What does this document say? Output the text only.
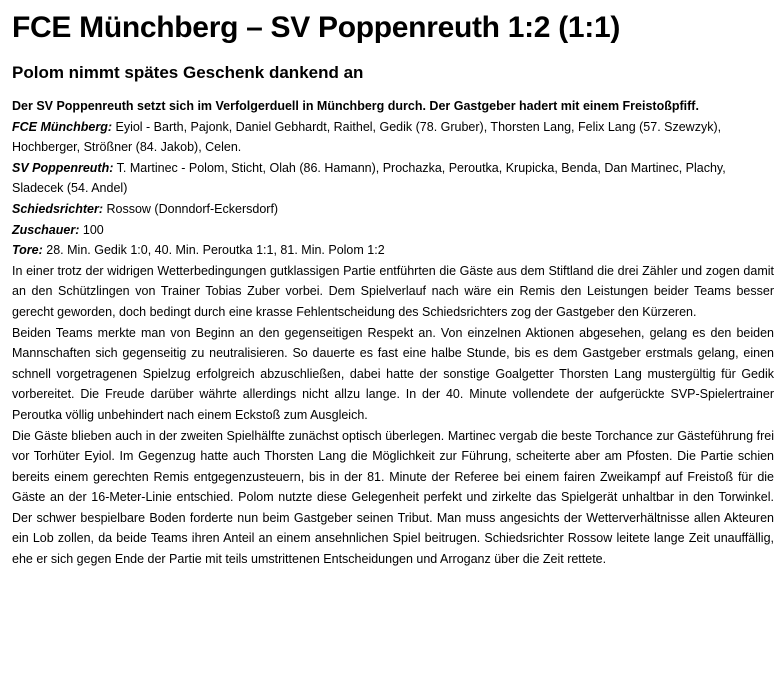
FCE Münchberg – SV Poppenreuth 1:2 (1:1)
Polom nimmt spätes Geschenk dankend an

Der SV Poppenreuth setzt sich im Verfolgerduell in Münchberg durch. Der Gastgeber hadert mit einem Freistoßpfiff.

FCE Münchberg: Eyiol - Barth, Pajonk, Daniel Gebhardt, Raithel, Gedik (78. Gruber), Thorsten Lang, Felix Lang (57. Szewzyk), Hochberger, Strößner (84. Jakob), Celen.

SV Poppenreuth: T. Martinec - Polom, Sticht, Olah (86. Hamann), Prochazka, Peroutka, Krupicka, Benda, Dan Martinec, Plachy, Sladecek (54. Andel)

Schiedsrichter: Rossow (Donndorf-Eckersdorf)

Zuschauer: 100

Tore: 28. Min. Gedik 1:0, 40. Min. Peroutka 1:1, 81. Min. Polom 1:2

In einer trotz der widrigen Wetterbedingungen gutklassigen Partie entführten die Gäste aus dem Stiftland die drei Zähler und zogen damit an den Schützlingen von Trainer Tobias Zuber vorbei. Dem Spielverlauf nach wäre ein Remis den Leistungen beider Teams besser gerecht geworden, doch bedingt durch eine krasse Fehlentscheidung des Schiedsrichters zog der Gastgeber den Kürzeren.

Beiden Teams merkte man von Beginn an den gegenseitigen Respekt an. Von einzelnen Aktionen abgesehen, gelang es den beiden Mannschaften sich gegenseitig zu neutralisieren. So dauerte es fast eine halbe Stunde, bis es dem Gastgeber erstmals gelang, einen schnell vorgetragenen Spielzug erfolgreich abzuschließen, dabei hatte der sonstige Goalgetter Thorsten Lang mustergültig für Gedik vorbereitet. Die Freude darüber währte allerdings nicht allzu lange. In der 40. Minute vollendete der aufgerückte SVP-Spielertrainer Peroutka völlig unbehindert nach einem Eckstoß zum Ausgleich.

Die Gäste blieben auch in der zweiten Spielhälfte zunächst optisch überlegen. Martinec vergab die beste Torchance zur Gästeführung frei vor Torhüter Eyiol. Im Gegenzug hatte auch Thorsten Lang die Möglichkeit zur Führung, scheiterte aber am Pfosten. Die Partie schien bereits einem gerechten Remis entgegenzusteuern, bis in der 81. Minute der Referee bei einem fairen Zweikampf auf Freistoß für die Gäste an der 16-Meter-Linie entschied. Polom nutzte diese Gelegenheit perfekt und zirkelte das Spielgerät unhaltbar in den Torwinkel. Der schwer bespielbare Boden forderte nun beim Gastgeber seinen Tribut. Man muss angesichts der Wetterverhältnisse allen Akteuren ein Lob zollen, da beide Teams ihren Anteil an einem ansehnlichen Spiel beitrugen. Schiedsrichter Rossow leitete lange Zeit unauffällig, ehe er sich gegen Ende der Partie mit teils umstrittenen Entscheidungen und Arroganz über die Zeit rettete.
